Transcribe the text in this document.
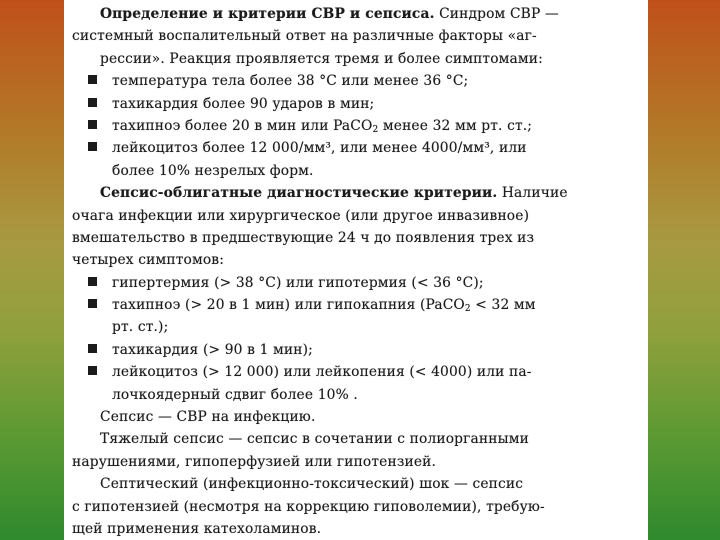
Определение и критерии СВР и сепсиса. Синдром СВР —
системный воспалительный ответ на различные факторы «аг-
рессии». Реакция проявляется тремя и более симптомами:
температура тела более 38 °С или менее 36 °С;
тахикардия более 90 ударов в мин;
тахипноэ более 20 в мин или PaCO$_2$ менее 32 мм рт. ст.;
лейкоцитоз более 12 000/мм³, или менее 4000/мм³, или
более 10% незрелых форм.
Сепсис-облигатные диагностические критерии. Наличие
очага инфекции или хирургическое (или другое инвазивное)
вмешательство в предшествующие 24 ч до появления трех из
четырех симптомов:
гипертермия (> 38 °С) или гипотермия (< 36 °С);
тахипноэ (> 20 в 1 мин) или гипокапния (PaCO$_2$ < 32 мм
рт. ст.);
тахикардия (> 90 в 1 мин);
лейкоцитоз (> 12 000) или лейкопения (< 4000) или па-
лочкоядерный сдвиг более 10% .
Сепсис — СВР на инфекцию.
Тяжелый сепсис — сепсис в сочетании с полиорганными
нарушениями, гипоперфузией или гипотензией.
Септический (инфекционно-токсический) шок — сепсис
с гипотензией (несмотря на коррекцию гиповолемии), требую-
щей применения катехоламинов.
